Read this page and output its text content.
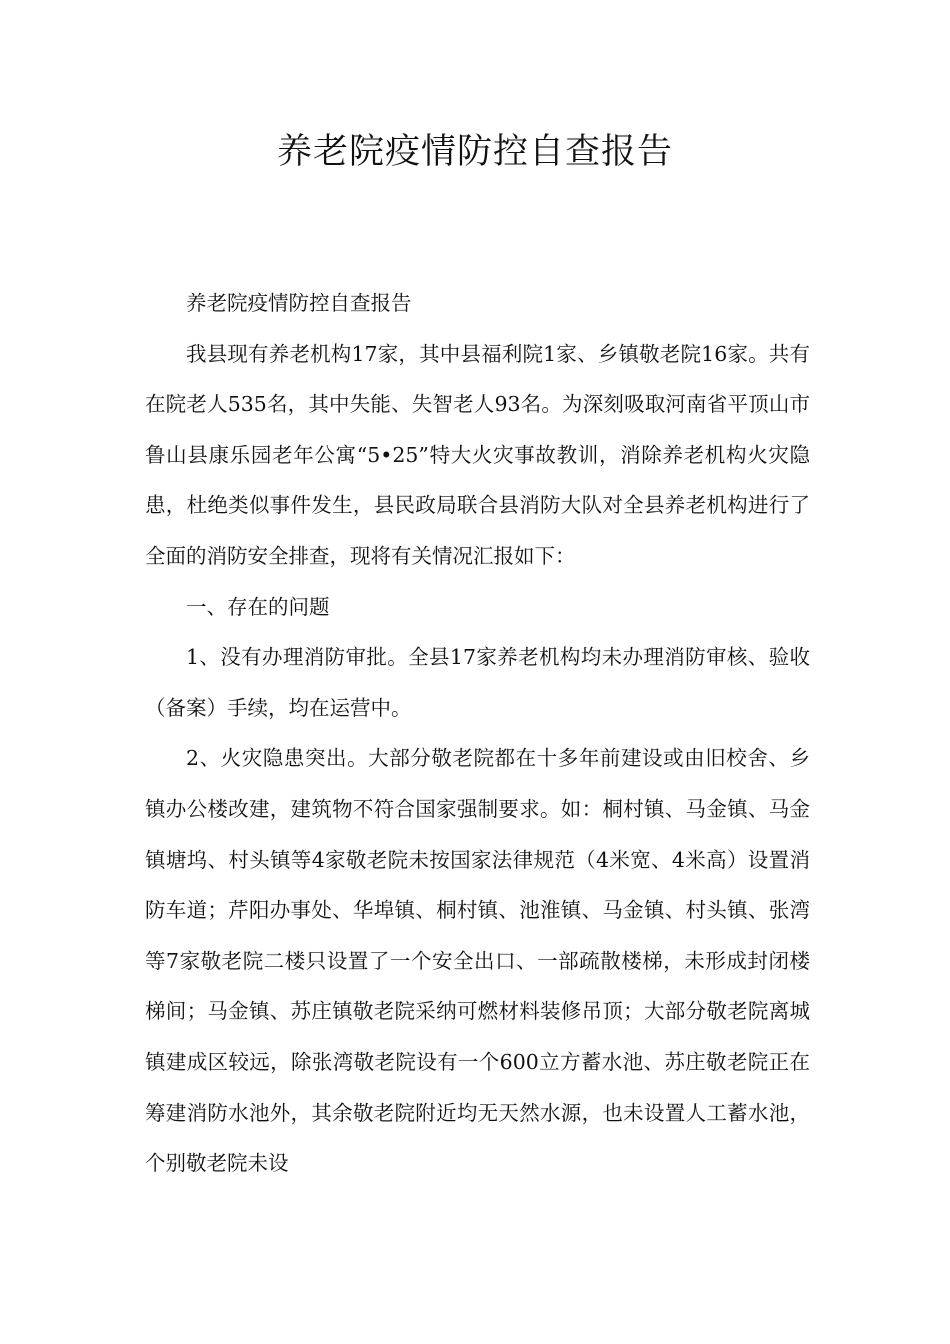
养老院疫情防控自查报告

养老院疫情防控自查报告

我县现有养老机构17家，其中县福利院1家、乡镇敬老院16家。共有在院老人535名，其中失能、失智老人93名。为深刻吸取河南省平顶山市鲁山县康乐园老年公寓“5•25”特大火灾事故教训，消除养老机构火灾隐患，杜绝类似事件发生，县民政局联合县消防大队对全县养老机构进行了全面的消防安全排查，现将有关情况汇报如下：

一、存在的问题

1、没有办理消防审批。全县17家养老机构均未办理消防审核、验收（备案）手续，均在运营中。

2、火灾隐患突出。大部分敬老院都在十多年前建设或由旧校舍、乡镇办公楼改建，建筑物不符合国家强制要求。如：桐村镇、马金镇、马金镇塘坞、村头镇等4家敬老院未按国家法律规范（4米宽、4米高）设置消防车道；芹阳办事处、华埠镇、桐村镇、池淮镇、马金镇、村头镇、张湾等7家敬老院二楼只设置了一个安全出口、一部疏散楼梯，未形成封闭楼梯间；马金镇、苏庄镇敬老院采纳可燃材料装修吊顶；大部分敬老院离城镇建成区较远，除张湾敬老院设有一个600立方蓄水池、苏庄敬老院正在筹建消防水池外，其余敬老院附近均无天然水源，也未设置人工蓄水池，个别敬老院未设
